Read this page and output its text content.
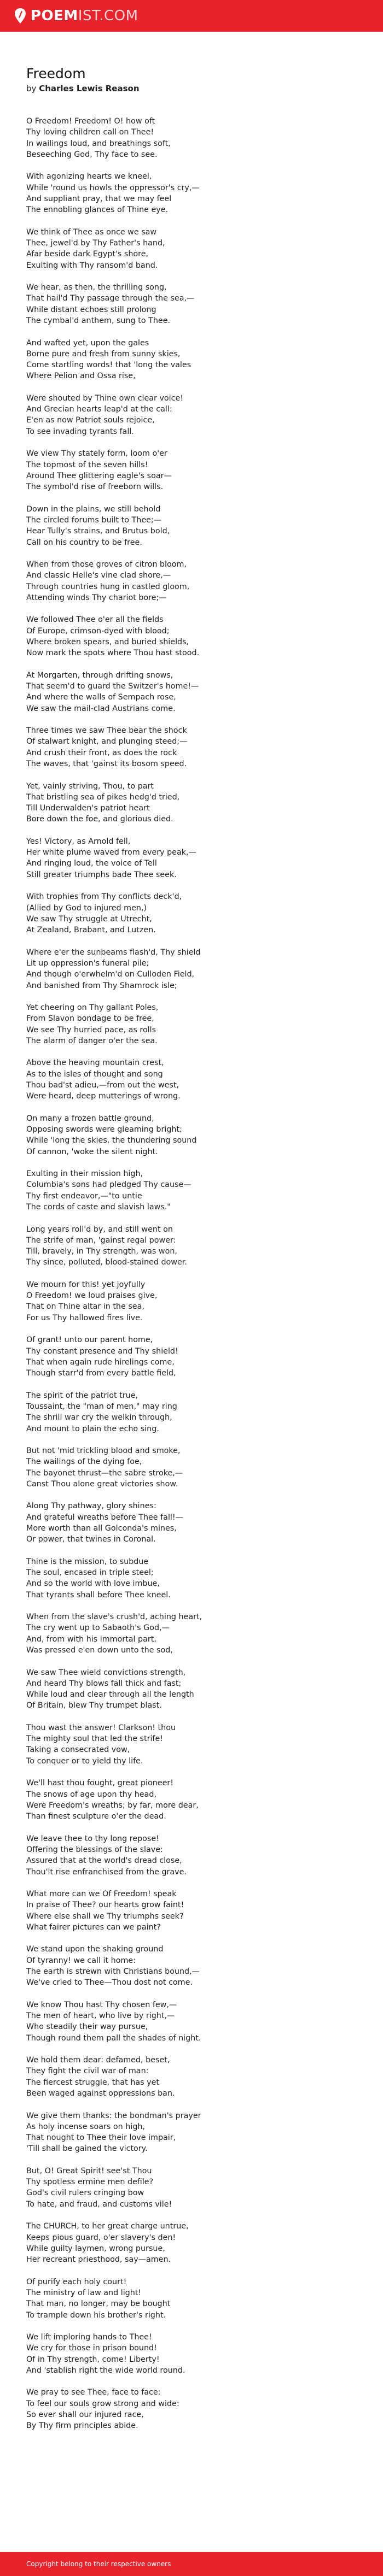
POEMIST.COM
Freedom
by Charles Lewis Reason

O Freedom! Freedom! O! how oft
Thy loving children call on Thee!
In wailings loud, and breathings soft,
Beseeching God, Thy face to see.

With agonizing hearts we kneel,
While 'round us howls the oppressor's cry,—
And suppliant pray, that we may feel
The ennobling glances of Thine eye.

We think of Thee as once we saw
Thee, jewel'd by Thy Father's hand,
Afar beside dark Egypt's shore,
Exulting with Thy ransom'd band.

We hear, as then, the thrilling song,
That hail'd Thy passage through the sea,—
While distant echoes still prolong
The cymbal'd anthem, sung to Thee.

And wafted yet, upon the gales
Borne pure and fresh from sunny skies,
Come startling words! that 'long the vales
Where Pelion and Ossa rise,

Were shouted by Thine own clear voice!
And Grecian hearts leap'd at the call:
E'en as now Patriot souls rejoice,
To see invading tyrants fall.

We view Thy stately form, loom o'er
The topmost of the seven hills!
Around Thee glittering eagle's soar—
The symbol'd rise of freeborn wills.

Down in the plains, we still behold
The circled forums built to Thee;—
Hear Tully's strains, and Brutus bold,
Call on his country to be free.

When from those groves of citron bloom,
And classic Helle's vine clad shore,—
Through countries hung in castled gloom,
Attending winds Thy chariot bore;—

We followed Thee o'er all the fields
Of Europe, crimson-dyed with blood;
Where broken spears, and buried shields,
Now mark the spots where Thou hast stood.

At Morgarten, through drifting snows,
That seem'd to guard the Switzer's home!—
And where the walls of Sempach rose,
We saw the mail-clad Austrians come.

Three times we saw Thee bear the shock
Of stalwart knight, and plunging steed;—
And crush their front, as does the rock
The waves, that 'gainst its bosom speed.

Yet, vainly striving, Thou, to part
That bristling sea of pikes hedg'd tried,
Till Underwalden's patriot heart
Bore down the foe, and glorious died.

Yes! Victory, as Arnold fell,
Her white plume waved from every peak,—
And ringing loud, the voice of Tell
Still greater triumphs bade Thee seek.

With trophies from Thy conflicts deck'd,
(Allied by God to injured men,)
We saw Thy struggle at Utrecht,
At Zealand, Brabant, and Lutzen.

Where e'er the sunbeams flash'd, Thy shield
Lit up oppression's funeral pile;
And though o'erwhelm'd on Culloden Field,
And banished from Thy Shamrock isle;

Yet cheering on Thy gallant Poles,
From Slavon bondage to be free,
We see Thy hurried pace, as rolls
The alarm of danger o'er the sea.

Above the heaving mountain crest,
As to the isles of thought and song
Thou bad'st adieu,—from out the west,
Were heard, deep mutterings of wrong.

On many a frozen battle ground,
Opposing swords were gleaming bright;
While 'long the skies, the thundering sound
Of cannon, 'woke the silent night.

Exulting in their mission high,
Columbia's sons had pledged Thy cause—
Thy first endeavor,—"to untie
The cords of caste and slavish laws."

Long years roll'd by, and still went on
The strife of man, 'gainst regal power:
Till, bravely, in Thy strength, was won,
Thy since, polluted, blood-stained dower.

We mourn for this! yet joyfully
O Freedom! we loud praises give,
That on Thine altar in the sea,
For us Thy hallowed fires live.

Of grant! unto our parent home,
Thy constant presence and Thy shield!
That when again rude hirelings come,
Though starr'd from every battle field,

The spirit of the patriot true,
Toussaint, the "man of men," may ring
The shrill war cry the welkin through,
And mount to plain the echo sing.

But not 'mid trickling blood and smoke,
The wailings of the dying foe,
The bayonet thrust—the sabre stroke,—
Canst Thou alone great victories show.

Along Thy pathway, glory shines:
And grateful wreaths before Thee fall!—
More worth than all Golconda's mines,
Or power, that twines in Coronal.

Thine is the mission, to subdue
The soul, encased in triple steel;
And so the world with love imbue,
That tyrants shall before Thee kneel.

When from the slave's crush'd, aching heart,
The cry went up to Sabaoth's God,—
And, from with his immortal part,
Was pressed e'en down unto the sod,

We saw Thee wield convictions strength,
And heard Thy blows fall thick and fast;
While loud and clear through all the length
Of Britain, blew Thy trumpet blast.

Thou wast the answer! Clarkson! thou
The mighty soul that led the strife!
Taking a consecrated vow,
To conquer or to yield thy life.

We'll hast thou fought, great pioneer!
The snows of age upon thy head,
Were Freedom's wreaths; by far, more dear,
Than finest sculpture o'er the dead.

We leave thee to thy long repose!
Offering the blessings of the slave:
Assured that at the world's dread close,
Thou'lt rise enfranchised from the grave.

What more can we Of Freedom! speak
In praise of Thee? our hearts grow faint!
Where else shall we Thy triumphs seek?
What fairer pictures can we paint?

We stand upon the shaking ground
Of tyranny! we call it home:
The earth is strewn with Christians bound,—
We've cried to Thee—Thou dost not come.

We know Thou hast Thy chosen few,—
The men of heart, who live by right,—
Who steadily their way pursue,
Though round them pall the shades of night.

We hold them dear: defamed, beset,
They fight the civil war of man:
The fiercest struggle, that has yet
Been waged against oppressions ban.

We give them thanks: the bondman's prayer
As holy incense soars on high,
That nought to Thee their love impair,
'Till shall be gained the victory.

But, O! Great Spirit! see'st Thou
Thy spotless ermine men defile?
God's civil rulers cringing bow
To hate, and fraud, and customs vile!

The CHURCH, to her great charge untrue,
Keeps pious guard, o'er slavery's den!
While guilty laymen, wrong pursue,
Her recreant priesthood, say—amen.

Of purify each holy court!
The ministry of law and light!
That man, no longer, may be bought
To trample down his brother's right.

We lift imploring hands to Thee!
We cry for those in prison bound!
Of in Thy strength, come! Liberty!
And 'stablish right the wide world round.

We pray to see Thee, face to face:
To feel our souls grow strong and wide:
So ever shall our injured race,
By Thy firm principles abide.

Copyright belong to their respective owners
